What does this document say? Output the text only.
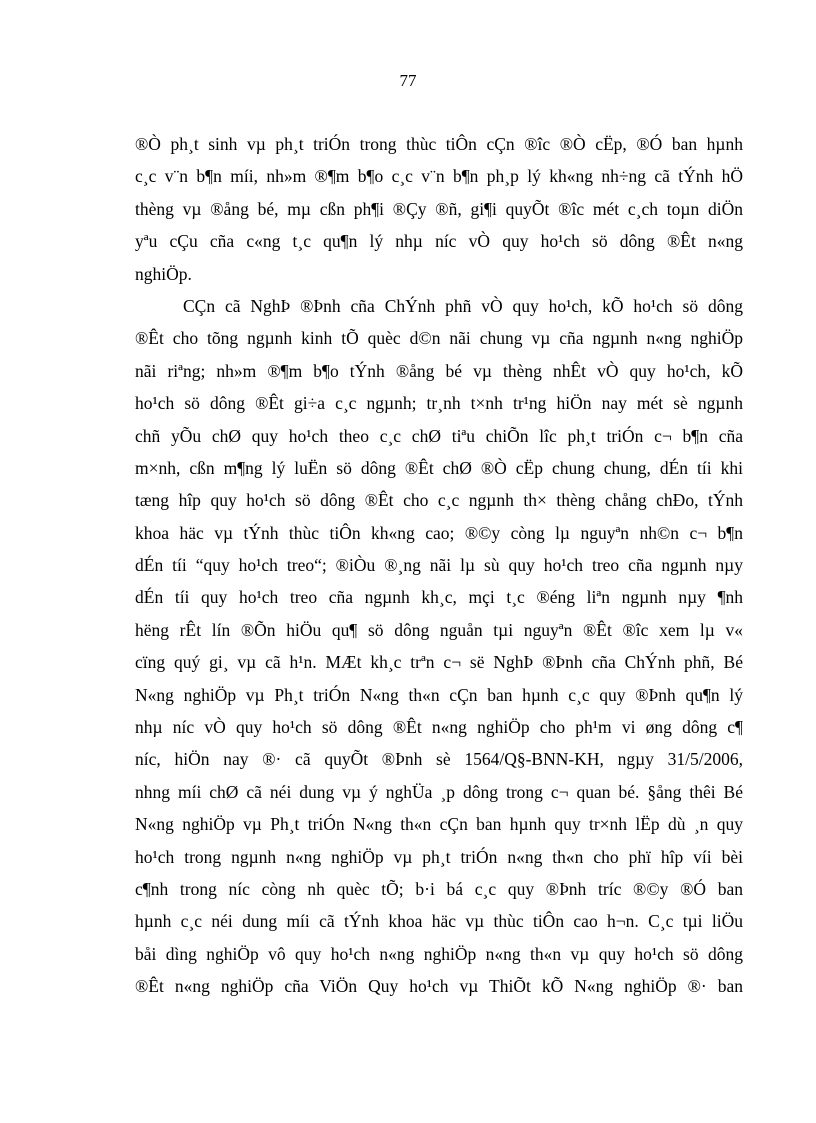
77
®Ò ph¸t sinh vµ ph¸t triÓn trong thùc tiÔn cÇn ®îc ®Ò cËp, ®Ó ban hµnh
c¸c v¨n b¶n míi, nh»m ®¶m b¶o c¸c v¨n b¶n ph¸p lý kh«ng nh÷ng cã tÝnh hÖ
thèng vµ ®ång bé, mµ cßn ph¶i ®Çy ®ñ, gi¶i quyÕt ®îc mét c¸ch toµn diÖn
yªu cÇu cña c«ng t¸c qu¶n lý nhµ níc vÒ quy ho¹ch sö dông ®Êt n«ng
nghiÖp.
CÇn cã NghÞ ®Þnh cña ChÝnh phñ vÒ quy ho¹ch, kÕ ho¹ch sö dông
®Êt cho tõng ngµnh kinh tÕ quèc d©n nãi chung vµ cña ngµnh n«ng nghiÖp
nãi riªng; nh»m ®¶m b¶o tÝnh ®ång bé vµ thèng nhÊt vÒ quy ho¹ch, kÕ
ho¹ch sö dông ®Êt gi÷a c¸c ngµnh; tr¸nh t×nh tr¹ng hiÖn nay mét sè ngµnh
chñ yÕu chØ quy ho¹ch theo c¸c chØ tiªu chiÕn lîc ph¸t triÓn c¬ b¶n cña
m×nh, cßn m¶ng lý luËn sö dông ®Êt chØ ®Ò cËp chung chung, dÉn tíi khi
tæng hîp quy ho¹ch sö dông ®Êt cho c¸c ngµnh th× thèng chång chÐo, tÝnh
khoa häc vµ tÝnh thùc tiÔn kh«ng cao; ®©y còng lµ nguyªn nh©n c¬ b¶n
dÉn tíi “quy ho¹ch treo“; ®iÒu ®¸ng nãi lµ sù quy ho¹ch treo cña ngµnh nµy
dÉn tíi quy ho¹ch treo cña ngµnh kh¸c, mçi t¸c ®éng liªn ngµnh nµy ¶nh
hëng rÊt lín ®Õn hiÖu qu¶ sö dông nguån tµi nguyªn ®Êt ®îc xem lµ v«
cïng quý gi¸ vµ cã h¹n. MÆt kh¸c trªn c¬ së NghÞ ®Þnh cña ChÝnh phñ, Bé
N«ng nghiÖp vµ Ph¸t triÓn N«ng th«n cÇn ban hµnh c¸c quy ®Þnh qu¶n lý
nhµ níc vÒ quy ho¹ch sö dông ®Êt n«ng nghiÖp cho ph¹m vi øng dông c¶
níc, hiÖn nay ®· cã quyÕt ®Þnh sè 1564/Q§-BNN-KH, ngµy 31/5/2006,
nhng míi chØ cã néi dung vµ ý nghÜa ¸p dông trong c¬ quan bé. §ång thêi Bé
N«ng nghiÖp vµ Ph¸t triÓn N«ng th«n cÇn ban hµnh quy tr×nh lËp dù ¸n quy
ho¹ch trong ngµnh n«ng nghiÖp vµ ph¸t triÓn n«ng th«n cho phï hîp víi bèi
c¶nh trong níc còng nh quèc tÕ; b·i bá c¸c quy ®Þnh tríc ®©y ®Ó ban
hµnh c¸c néi dung míi cã tÝnh khoa häc vµ thùc tiÔn cao h¬n. C¸c tµi liÖu
båi dìng nghiÖp vô quy ho¹ch n«ng nghiÖp n«ng th«n vµ quy ho¹ch sö dông
®Êt n«ng nghiÖp cña ViÖn Quy ho¹ch vµ ThiÕt kÕ N«ng nghiÖp ®· ban
